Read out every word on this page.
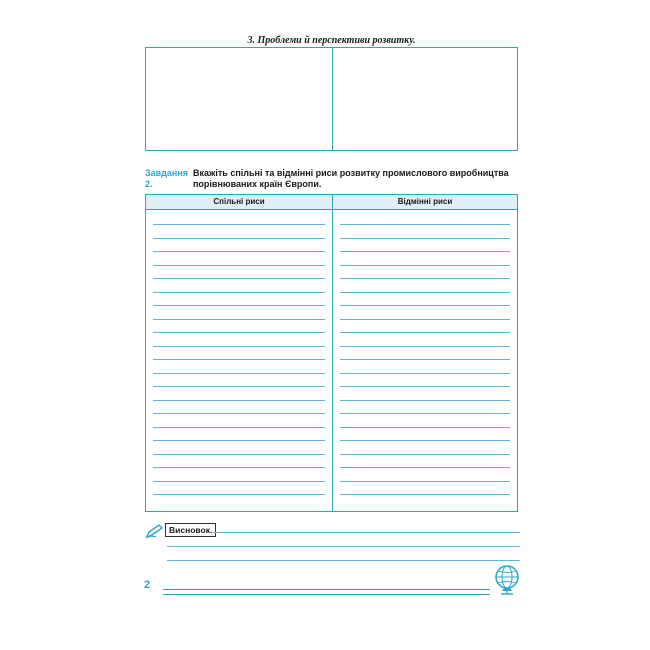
3. Проблеми й перспективи розвитку.
Завдання 2.
Вкажіть спільні та відмінні риси розвитку промислового виробництва порівнюваних країн Європи.
Спільні риси	Відмінні риси
Висновок.
2
